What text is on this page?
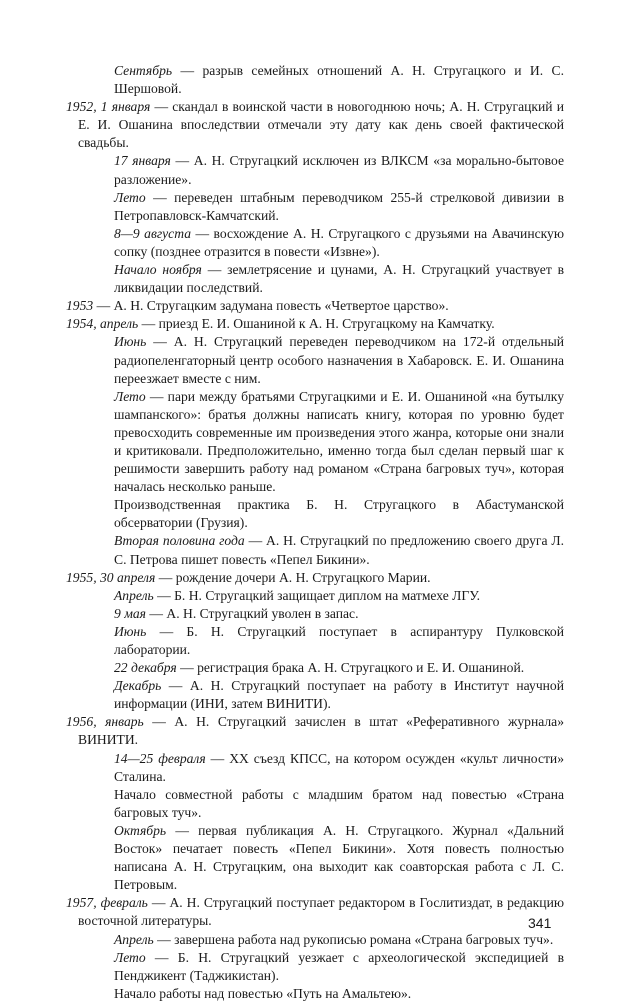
Сентябрь — разрыв семейных отношений А. Н. Стругацкого и И. С. Шершовой.

1952, 1 января — скандал в воинской части в новогоднюю ночь; А. Н. Стругацкий и Е. И. Ошанина впоследствии отмечали эту дату как день своей фактической свадьбы.

17 января — А. Н. Стругацкий исключен из ВЛКСМ «за морально-бытовое разложение».

Лето — переведен штабным переводчиком 255-й стрелковой дивизии в Петропавловск-Камчатский.

8—9 августа — восхождение А. Н. Стругацкого с друзьями на Авачинскую сопку (позднее отразится в повести «Извне»).

Начало ноября — землетрясение и цунами, А. Н. Стругацкий участвует в ликвидации последствий.

1953 — А. Н. Стругацким задумана повесть «Четвертое царство».

1954, апрель — приезд Е. И. Ошаниной к А. Н. Стругацкому на Камчатку.

Июнь — А. Н. Стругацкий переведен переводчиком на 172-й отдельный радиопеленгаторный центр особого назначения в Хабаровск. Е. И. Ошанина переезжает вместе с ним.

Лето — пари между братьями Стругацкими и Е. И. Ошаниной «на бутылку шампанского»: братья должны написать книгу, которая по уровню будет превосходить современные им произведения этого жанра, которые они знали и критиковали. Предположительно, именно тогда был сделан первый шаг к решимости завершить работу над романом «Страна багровых туч», которая началась несколько раньше.

Производственная практика Б. Н. Стругацкого в Абастуманской обсерватории (Грузия).

Вторая половина года — А. Н. Стругацкий по предложению своего друга Л. С. Петрова пишет повесть «Пепел Бикини».

1955, 30 апреля — рождение дочери А. Н. Стругацкого Марии.

Апрель — Б. Н. Стругацкий защищает диплом на матмехе ЛГУ.

9 мая — А. Н. Стругацкий уволен в запас.

Июнь — Б. Н. Стругацкий поступает в аспирантуру Пулковской лаборатории.

22 декабря — регистрация брака А. Н. Стругацкого и Е. И. Ошаниной.

Декабрь — А. Н. Стругацкий поступает на работу в Институт научной информации (ИНИ, затем ВИНИТИ).

1956, январь — А. Н. Стругацкий зачислен в штат «Реферативного журнала» ВИНИТИ.

14—25 февраля — XX съезд КПСС, на котором осужден «культ личности» Сталина.

Начало совместной работы с младшим братом над повестью «Страна багровых туч».

Октябрь — первая публикация А. Н. Стругацкого. Журнал «Дальний Восток» печатает повесть «Пепел Бикини». Хотя повесть полностью написана А. Н. Стругацким, она выходит как соавторская работа с Л. С. Петровым.

1957, февраль — А. Н. Стругацкий поступает редактором в Гослитиздат, в редакцию восточной литературы.

Апрель — завершена работа над рукописью романа «Страна багровых туч».

Лето — Б. Н. Стругацкий уезжает с археологической экспедицией в Пенджикент (Таджикистан).

Начало работы над повестью «Путь на Амальтею».

341
